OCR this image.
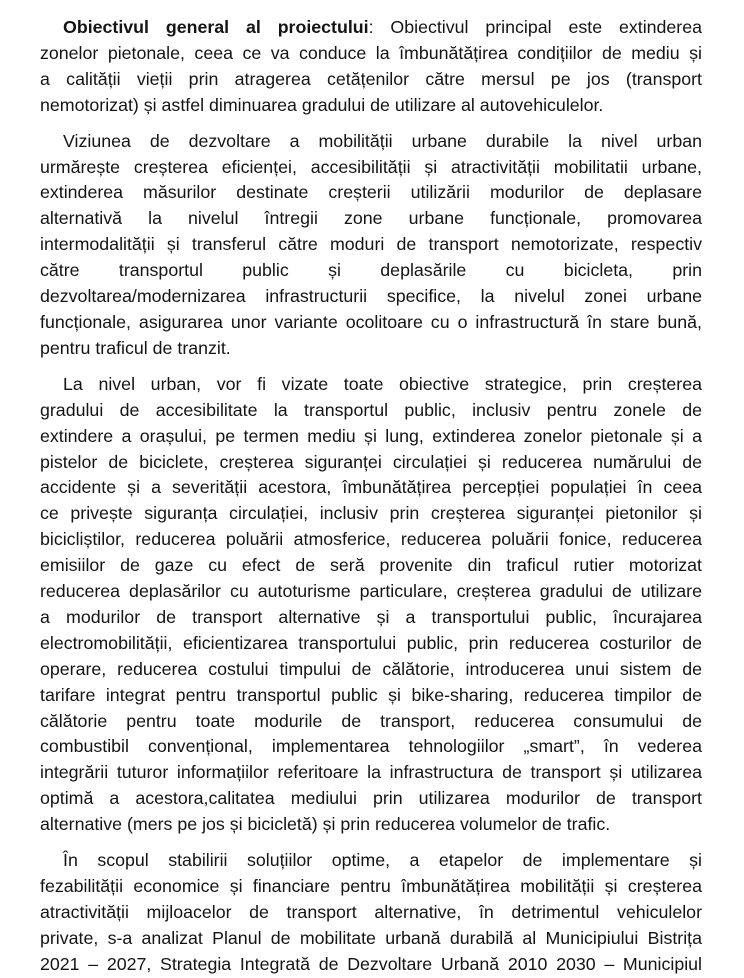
Obiectivul general al proiectului: Obiectivul principal este extinderea
zonelor pietonale, ceea ce va conduce la îmbunătățirea condițiilor de mediu și
a calității vieții prin atragerea cetățenilor către mersul pe jos (transport
nemotorizat) și astfel diminuarea gradului de utilizare al autovehiculelor.
Viziunea de dezvoltare a mobilității urbane durabile la nivel urban
urmărește creșterea eficienței, accesibilității și atractivității mobilitatii urbane,
extinderea măsurilor destinate creșterii utilizării modurilor de deplasare
alternativă la nivelul întregii zone urbane funcționale, promovarea
intermodalității și transferul către moduri de transport nemotorizate, respectiv
către transportul public și deplasările cu bicicleta, prin
dezvoltarea/modernizarea infrastructurii specifice, la nivelul zonei urbane
funcționale, asigurarea unor variante ocolitoare cu o infrastructură în stare bună,
pentru traficul de tranzit.
La nivel urban, vor fi vizate toate obiective strategice, prin creșterea
gradului de accesibilitate la transportul public, inclusiv pentru zonele de
extindere a orașului, pe termen mediu și lung, extinderea zonelor pietonale și a
pistelor de biciclete, creșterea siguranței circulației și reducerea numărului de
accidente și a severității acestora, îmbunătățirea percepției populației în ceea
ce privește siguranța circulației, inclusiv prin creșterea siguranței pietonilor și
bicicliștilor, reducerea poluării atmosferice, reducerea poluării fonice, reducerea
emisiilor de gaze cu efect de seră provenite din traficul rutier motorizat
reducerea deplasărilor cu autoturisme particulare, creșterea gradului de utilizare
a modurilor de transport alternative și a transportului public, încurajarea
electromobilității, eficientizarea transportului public, prin reducerea costurilor de
operare, reducerea costului timpului de călătorie, introducerea unui sistem de
tarifare integrat pentru transportul public și bike-sharing, reducerea timpilor de
călătorie pentru toate modurile de transport, reducerea consumului de
combustibil convențional, implementarea tehnologiilor „smart”, în vederea
integrării tuturor informațiilor referitoare la infrastructura de transport și utilizarea
optimă a acestora,calitatea mediului prin utilizarea modurilor de transport
alternative (mers pe jos și bicicletă) și prin reducerea volumelor de trafic.
În scopul stabilirii soluțiilor optime, a etapelor de implementare și
fezabilității economice și financiare pentru îmbunătățirea mobilității și creșterea
atractivității mijloacelor de transport alternative, în detrimentul vehiculelor
private, s-a analizat Planul de mobilitate urbană durabilă al Municipiului Bistrița
2021 – 2027, Strategia Integrată de Dezvoltare Urbană 2010 2030 – Municipiul
